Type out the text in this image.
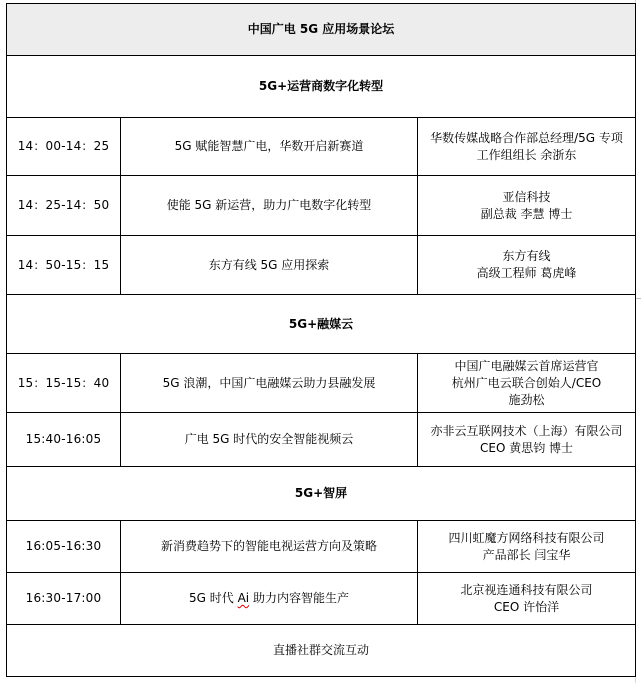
中国广电 5G 应用场景论坛		
5G+运营商数字化转型		
14：00-14：25	5G 赋能智慧广电，华数开启新赛道	华数传媒战略合作部总经理/5G 专项
工作组组长 余浙东

14：25-14：50	使能 5G 新运营，助力广电数字化转型	亚信科技
副总裁 李慧 博士

14：50-15：15	东方有线 5G 应用探索	东方有线
高级工程师 葛虎峰

5G+融媒云		
15：15-15：40	5G 浪潮，中国广电融媒云助力县融发展	中国广电融媒云首席运营官
杭州广电云联合创始人/CEO
施劲松

15:40-16:05	广电 5G 时代的安全智能视频云	亦非云互联网技术（上海）有限公司
CEO 黄思钧 博士

5G+智屏		
16:05-16:30	新消费趋势下的智能电视运营方向及策略	四川虹魔方网络科技有限公司
产品部长 闫宝华

16:30-17:00	5G 时代 Ai 助力内容智能生产	北京视连通科技有限公司
CEO 许怡洋

直播社群交流互动		
